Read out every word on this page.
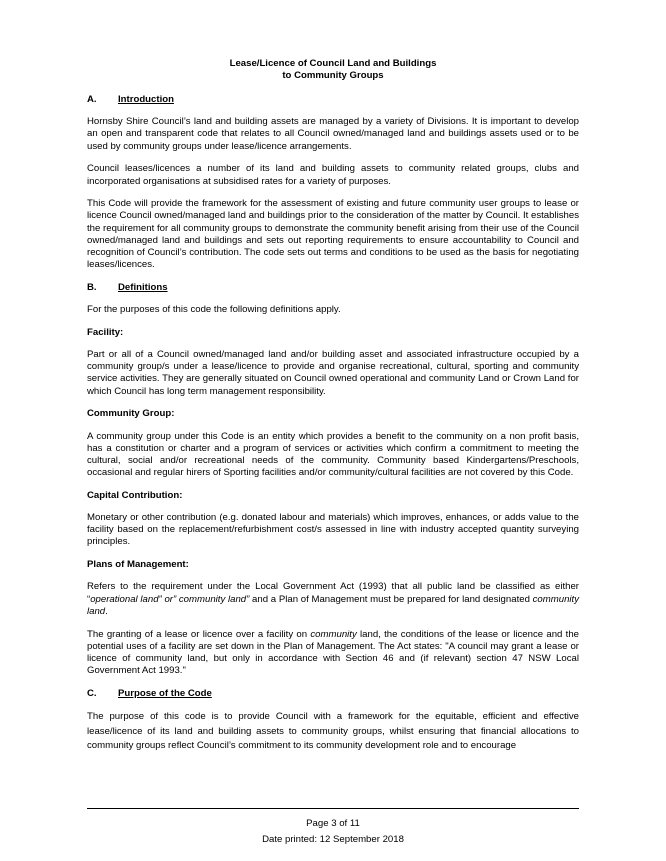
Lease/Licence of Council Land and Buildings
to Community Groups
A. Introduction

Hornsby Shire Council’s land and building assets are managed by a variety of Divisions. It is important to develop an open and transparent code that relates to all Council owned/managed land and buildings assets used or to be used by community groups under lease/licence arrangements.

Council leases/licences a number of its land and building assets to community related groups, clubs and incorporated organisations at subsidised rates for a variety of purposes.

This Code will provide the framework for the assessment of existing and future community user groups to lease or licence Council owned/managed land and buildings prior to the consideration of the matter by Council. It establishes the requirement for all community groups to demonstrate the community benefit arising from their use of the Council owned/managed land and buildings and sets out reporting requirements to ensure accountability to Council and recognition of Council’s contribution. The code sets out terms and conditions to be used as the basis for negotiating leases/licences.

B. Definitions

For the purposes of this code the following definitions apply.

Facility:

Part or all of a Council owned/managed land and/or building asset and associated infrastructure occupied by a community group/s under a lease/licence to provide and organise recreational, cultural, sporting and community service activities. They are generally situated on Council owned operational and community Land or Crown Land for which Council has long term management responsibility.

Community Group:

A community group under this Code is an entity which provides a benefit to the community on a non profit basis, has a constitution or charter and a program of services or activities which confirm a commitment to meeting the cultural, social and/or recreational needs of the community. Community based Kindergartens/Preschools, occasional and regular hirers of Sporting facilities and/or community/cultural facilities are not covered by this Code.

Capital Contribution:

Monetary or other contribution (e.g. donated labour and materials) which improves, enhances, or adds value to the facility based on the replacement/refurbishment cost/s assessed in line with industry accepted quantity surveying principles.

Plans of Management:

Refers to the requirement under the Local Government Act (1993) that all public land be classified as either “operational land” or” community land” and a Plan of Management must be prepared for land designated community land.

The granting of a lease or licence over a facility on community land, the conditions of the lease or licence and the potential uses of a facility are set down in the Plan of Management. The Act states: "A council may grant a lease or licence of community land, but only in accordance with Section 46 and (if relevant) section 47 NSW Local Government Act 1993."

C. Purpose of the Code

The purpose of this code is to provide Council with a framework for the equitable, efficient and effective lease/licence of its land and building assets to community groups, whilst ensuring that financial allocations to community groups reflect Council’s commitment to its community development role and to encourage

Page 3 of 11
Date printed: 12 September 2018
